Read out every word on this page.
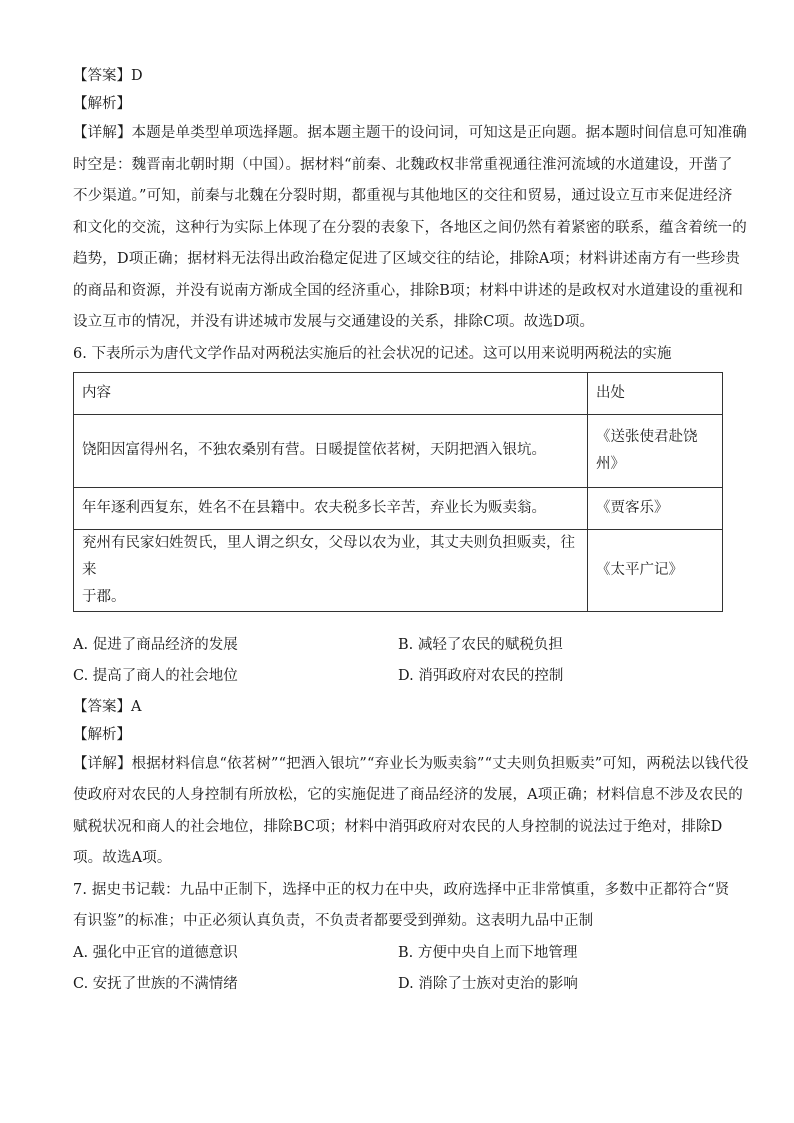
【答案】D
【解析】
【详解】本题是单类型单项选择题。据本题主题干的设问词，可知这是正向题。据本题时间信息可知准确
时空是：魏晋南北朝时期（中国）。据材料“前秦、北魏政权非常重视通往淮河流域的水道建设，开凿了
不少渠道。”可知，前秦与北魏在分裂时期，都重视与其他地区的交往和贸易，通过设立互市来促进经济
和文化的交流，这种行为实际上体现了在分裂的表象下，各地区之间仍然有着紧密的联系，蕴含着统一的
趋势，D项正确；据材料无法得出政治稳定促进了区域交往的结论，排除A项；材料讲述南方有一些珍贵
的商品和资源，并没有说南方渐成全国的经济重心，排除B项；材料中讲述的是政权对水道建设的重视和
设立互市的情况，并没有讲述城市发展与交通建设的关系，排除C项。故选D项。
6. 下表所示为唐代文学作品对两税法实施后的社会状况的记述。这可以用来说明两税法的实施
内容	出处
饶阳因富得州名，不独农桑别有营。日暖提筐依茗树，天阴把酒入银坑。	《送张使君赴饶
州》
年年逐利西复东，姓名不在县籍中。农夫税多长辛苦，弃业长为贩卖翁。	《贾客乐》
兖州有民家妇姓贺氏，里人谓之织女，父母以农为业，其丈夫则负担贩卖，往来
于郡。	《太平广记》
A. 促进了商品经济的发展	B. 减轻了农民的赋税负担
C. 提高了商人的社会地位	D. 消弭政府对农民的控制
【答案】A
【解析】
【详解】根据材料信息“依茗树”“把酒入银坑”“弃业长为贩卖翁”“丈夫则负担贩卖”可知，两税法以钱代役
使政府对农民的人身控制有所放松，它的实施促进了商品经济的发展，A项正确；材料信息不涉及农民的
赋税状况和商人的社会地位，排除BC项；材料中消弭政府对农民的人身控制的说法过于绝对，排除D
项。故选A项。
7. 据史书记载：九品中正制下，选择中正的权力在中央，政府选择中正非常慎重，多数中正都符合“贤
有识鉴”的标准；中正必须认真负责，不负责者都要受到弹劾。这表明九品中正制
A. 强化中正官的道德意识	B. 方便中央自上而下地管理
C. 安抚了世族的不满情绪	D. 消除了士族对吏治的影响
